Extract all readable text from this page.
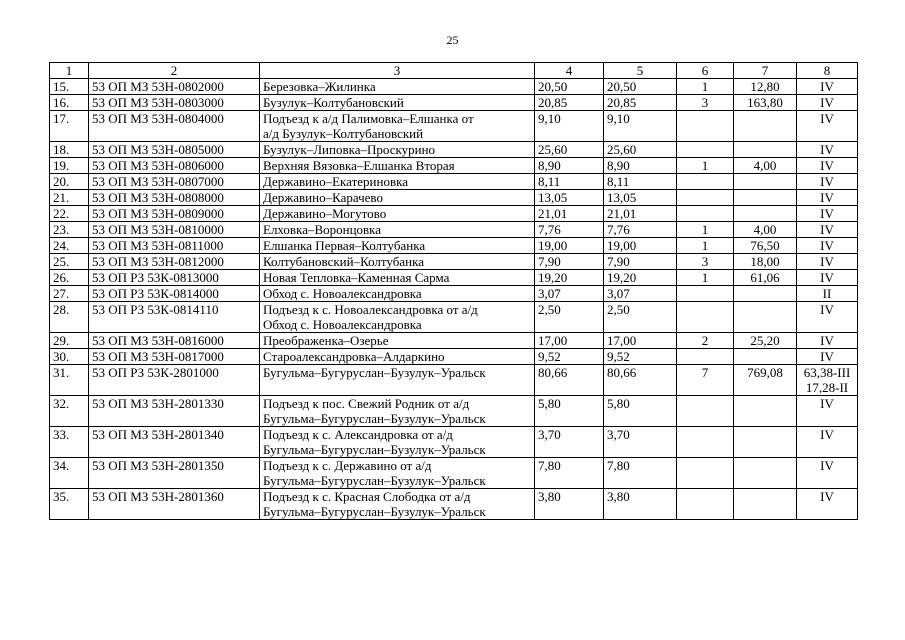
25
1	2	3	4	5	6	7	8
15.	53 ОП МЗ 53Н-0802000	Березовка–Жилинка	20,50	20,50	1	12,80	IV

16.	53 ОП МЗ 53Н-0803000	Бузулук–Колтубановский	20,85	20,85	3	163,80	IV

17.	53 ОП МЗ 53Н-0804000	Подъезд к а/д Палимовка–Елшанка от
а/д Бузулук–Колтубановский	9,10	9,10			IV

18.	53 ОП МЗ 53Н-0805000	Бузулук–Липовка–Проскурино	25,60	25,60			IV

19.	53 ОП МЗ 53Н-0806000	Верхняя Вязовка–Елшанка Вторая	8,90	8,90	1	4,00	IV

20.	53 ОП МЗ 53Н-0807000	Державино–Екатериновка	8,11	8,11			IV

21.	53 ОП МЗ 53Н-0808000	Державино–Карачево	13,05	13,05			IV

22.	53 ОП МЗ 53Н-0809000	Державино–Могутово	21,01	21,01			IV

23.	53 ОП МЗ 53Н-0810000	Елховка–Воронцовка	7,76	7,76	1	4,00	IV

24.	53 ОП МЗ 53Н-0811000	Елшанка Первая–Колтубанка	19,00	19,00	1	76,50	IV

25.	53 ОП МЗ 53Н-0812000	Колтубановский–Колтубанка	7,90	7,90	3	18,00	IV

26.	53 ОП РЗ 53К-0813000	Новая Тепловка–Каменная Сарма	19,20	19,20	1	61,06	IV

27.	53 ОП РЗ 53К-0814000	Обход с. Новоалександровка	3,07	3,07			II

28.	53 ОП РЗ 53К-0814110	Подъезд к с. Новоалександровка от а/д
Обход с. Новоалександровка	2,50	2,50			IV

29.	53 ОП МЗ 53Н-0816000	Преображенка–Озерье	17,00	17,00	2	25,20	IV

30.	53 ОП МЗ 53Н-0817000	Староалександровка–Алдаркино	9,52	9,52			IV

31.	53 ОП РЗ 53К-2801000	Бугульма–Бугуруслан–Бузулук–Уральск	80,66	80,66	7	769,08	63,38-III
17,28-II

32.	53 ОП МЗ 53Н-2801330	Подъезд к пос. Свежий Родник от а/д
Бугульма–Бугуруслан–Бузулук–Уральск	5,80	5,80			IV

33.	53 ОП МЗ 53Н-2801340	Подъезд к с. Александровка от а/д
Бугульма–Бугуруслан–Бузулук–Уральск	3,70	3,70			IV

34.	53 ОП МЗ 53Н-2801350	Подъезд к с. Державино от а/д
Бугульма–Бугуруслан–Бузулук–Уральск	7,80	7,80			IV

35.	53 ОП МЗ 53Н-2801360	Подъезд к с. Красная Слободка от а/д
Бугульма–Бугуруслан–Бузулук–Уральск	3,80	3,80			IV
